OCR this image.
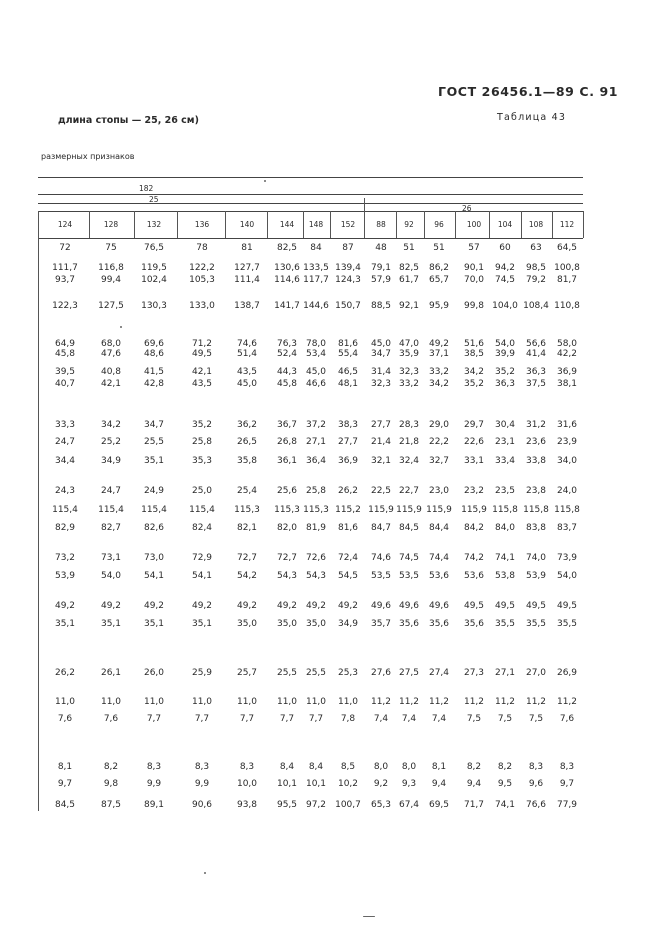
ГОСТ 26456.1—89 С. 91
длина стопы — 25, 26 см)	Таблица 43
размерных признаков
182
25
26
124	128	132	136	140	144	148	152	88	92	96	100	104	108	112
72	75	76,5	78	81	82,5	84	87	48	51	51	57	60	63	64,5
111,7	116,8	119,5	122,2	127,7	130,6 133,5 139,4	79,1 82,5	86,2	90,1	94,2	98,5 100,8
93,7	99,4	102,4	105,3	111,4	114,6 117,7 124,3	57,9 61,7	65,7	70,0	74,5	79,2	81,7
122,3	127,5	130,3	133,0	138,7	141,7 144,6 150,7	88,5 92,1	95,9	99,8 104,0 108,4 110,8
64,9	68,0	69,6	71,2	74,6	76,3 78,0	81,6	45,0 47,0	49,2	51,6	54,0	56,6	58,0
45,8	47,6	48,6	49,5	51,4	52,4 53,4	55,4	34,7 35,9	37,1	38,5	39,9	41,4	42,2
39,5	40,8	41,5	42,1	43,5	44,3 45,0	46,5	31,4 32,3	33,2	34,2	35,2	36,3	36,9
40,7	42,1	42,8	43,5	45,0	45,8 46,6	48,1	32,3 33,2	34,2	35,2	36,3	37,5	38,1
33,3	34,2	34,7	35,2	36,2	36,7 37,2	38,3	27,7 28,3	29,0	29,7	30,4	31,2	31,6
24,7	25,2	25,5	25,8	26,5	26,8 27,1	27,7	21,4 21,8	22,2	22,6	23,1	23,6	23,9
34,4	34,9	35,1	35,3	35,8	36,1 36,4	36,9	32,1 32,4	32,7	33,1	33,4	33,8	34,0
24,3	24,7	24,9	25,0	25,4	25,6 25,8	26,2	22,5 22,7	23,0	23,2	23,5	23,8	24,0
115,4	115,4	115,4	115,4	115,3	115,3 115,3 115,2 115,9 115,9 115,9	115,9 115,8 115,8 115,8
82,9	82,7	82,6	82,4	82,1	82,0 81,9	81,6	84,7 84,5	84,4	84,2	84,0	83,8	83,7
73,2	73,1	73,0	72,9	72,7	72,7 72,6	72,4	74,6 74,5	74,4	74,2	74,1	74,0	73,9
53,9	54,0	54,1	54,1	54,2	54,3 54,3	54,5	53,5 53,5	53,6	53,6	53,8	53,9	54,0
49,2	49,2	49,2	49,2	49,2	49,2 49,2	49,2	49,6 49,6	49,6	49,5	49,5	49,5	49,5
35,1	35,1	35,1	35,1	35,0	35,0 35,0	34,9	35,7 35,6	35,6	35,6	35,5	35,5	35,5
26,2	26,1	26,0	25,9	25,7	25,5 25,5	25,3	27,6 27,5	27,4	27,3	27,1	27,0	26,9
11,0	11,0	11,0	11,0	11,0	11,0 11,0	11,0	11,2 11,2	11,2	11,2	11,2	11,2	11,2
7,6	7,6	7,7	7,7	7,7	7,7	7,7	7,8	7,4	7,4	7,4	7,5	7,5	7,5	7,6
8,1	8,2	8,3	8,3	8,3	8,4	8,4	8,5	8,0	8,0	8,1	8,2	8,2	8,3	8,3
9,7	9,8	9,9	9,9	10,0	10,1 10,1	10,2	9,2	9,3	9,4	9,4	9,5	9,6	9,7
84,5	87,5	89,1	90,6	93,8	95,5 97,2	100,7	65,3 67,4	69,5	71,7	74,1	76,6	77,9
